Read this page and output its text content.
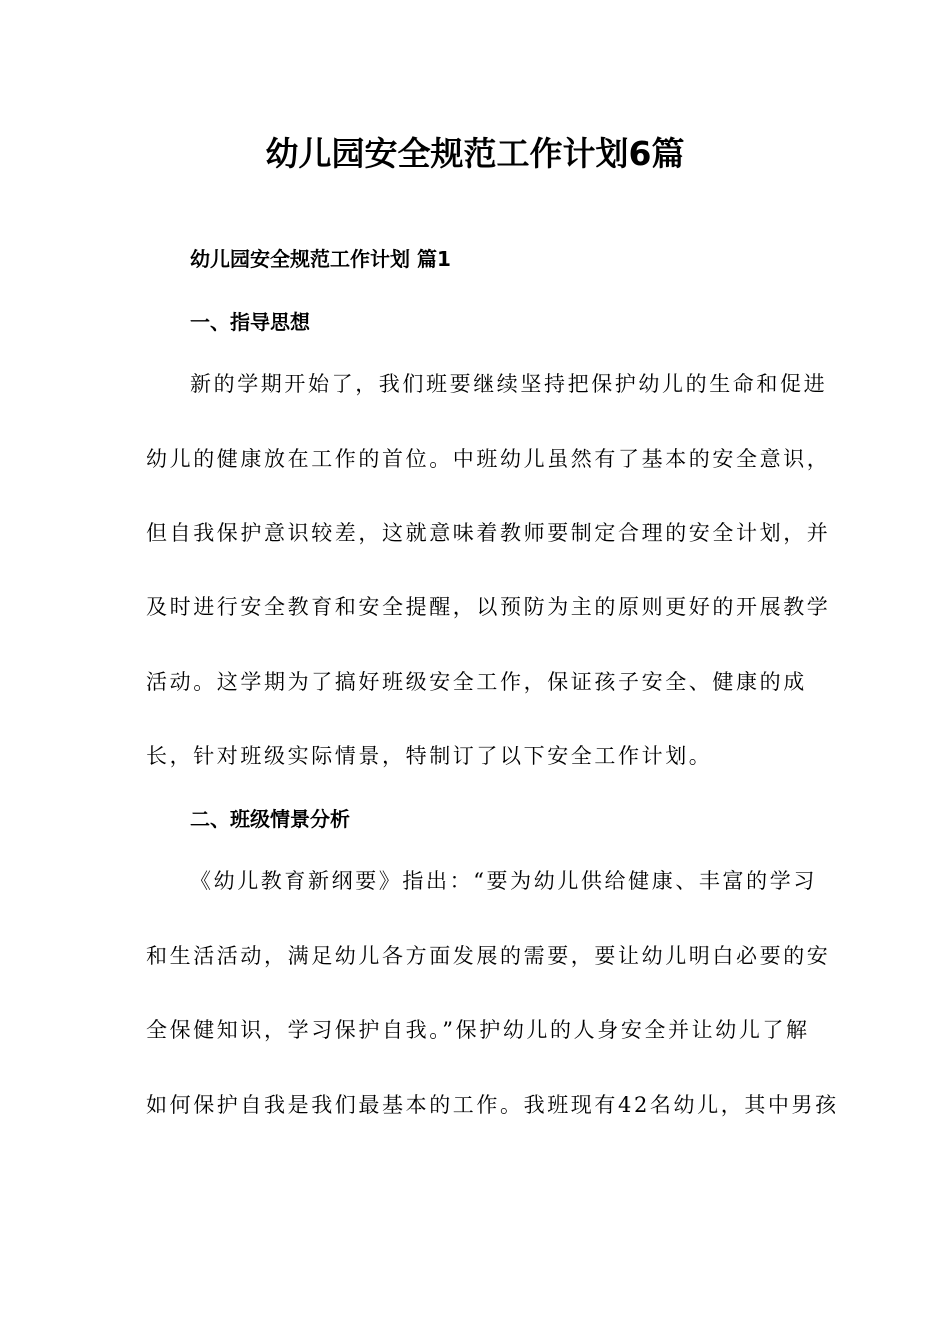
幼儿园安全规范工作计划6篇

幼儿园安全规范工作计划 篇1

一、指导思想

新的学期开始了，我们班要继续坚持把保护幼儿的生命和促进

幼儿的健康放在工作的首位。中班幼儿虽然有了基本的安全意识，

但自我保护意识较差，这就意味着教师要制定合理的安全计划，并

及时进行安全教育和安全提醒，以预防为主的原则更好的开展教学

活动。这学期为了搞好班级安全工作，保证孩子安全、健康的成

长，针对班级实际情景，特制订了以下安全工作计划。

二、班级情景分析

《幼儿教育新纲要》指出：“要为幼儿供给健康、丰富的学习

和生活活动，满足幼儿各方面发展的需要，要让幼儿明白必要的安

全保健知识，学习保护自我。”保护幼儿的人身安全并让幼儿了解

如何保护自我是我们最基本的工作。我班现有42名幼儿，其中男孩
